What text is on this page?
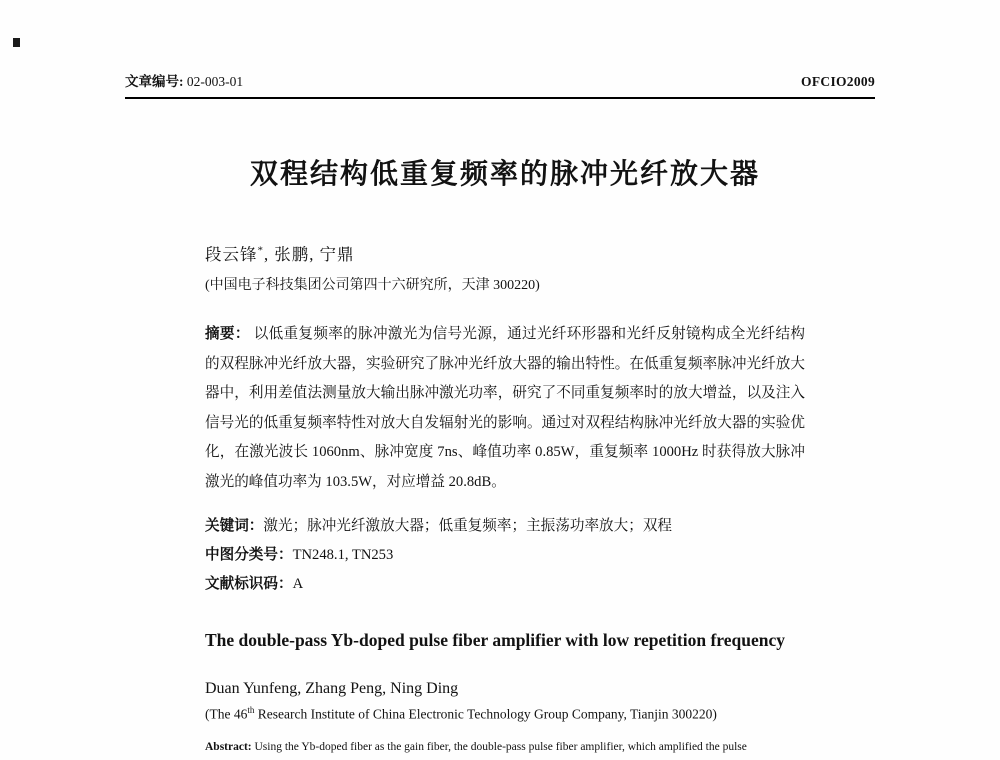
文章编号: 02-003-01	OFCIO2009
双程结构低重复频率的脉冲光纤放大器
段云锋*, 张鹏, 宁鼎
(中国电子科技集团公司第四十六研究所，天津 300220)

摘要： 以低重复频率的脉冲激光为信号光源，通过光纤环形器和光纤反射镜构成全光纤结构的双程脉冲光纤放大器，实验研究了脉冲光纤放大器的输出特性。在低重复频率脉冲光纤放大器中，利用差值法测量放大输出脉冲激光功率，研究了不同重复频率时的放大增益，以及注入信号光的低重复频率特性对放大自发辐射光的影响。通过对双程结构脉冲光纤放大器的实验优化，在激光波长 1060nm、脉冲宽度 7ns、峰值功率 0.85W，重复频率 1000Hz 时获得放大脉冲激光的峰值功率为 103.5W，对应增益 20.8dB。

关键词：激光；脉冲光纤激放大器；低重复频率；主振荡功率放大；双程
中图分类号：TN248.1, TN253
文献标识码：A
The double-pass Yb-doped pulse fiber amplifier with low repetition frequency
Duan Yunfeng, Zhang Peng, Ning Ding
(The 46th Research Institute of China Electronic Technology Group Company, Tianjin 300220)

Abstract: Using the Yb-doped fiber as the gain fiber, the double-pass pulse fiber amplifier, which amplified the pulse
